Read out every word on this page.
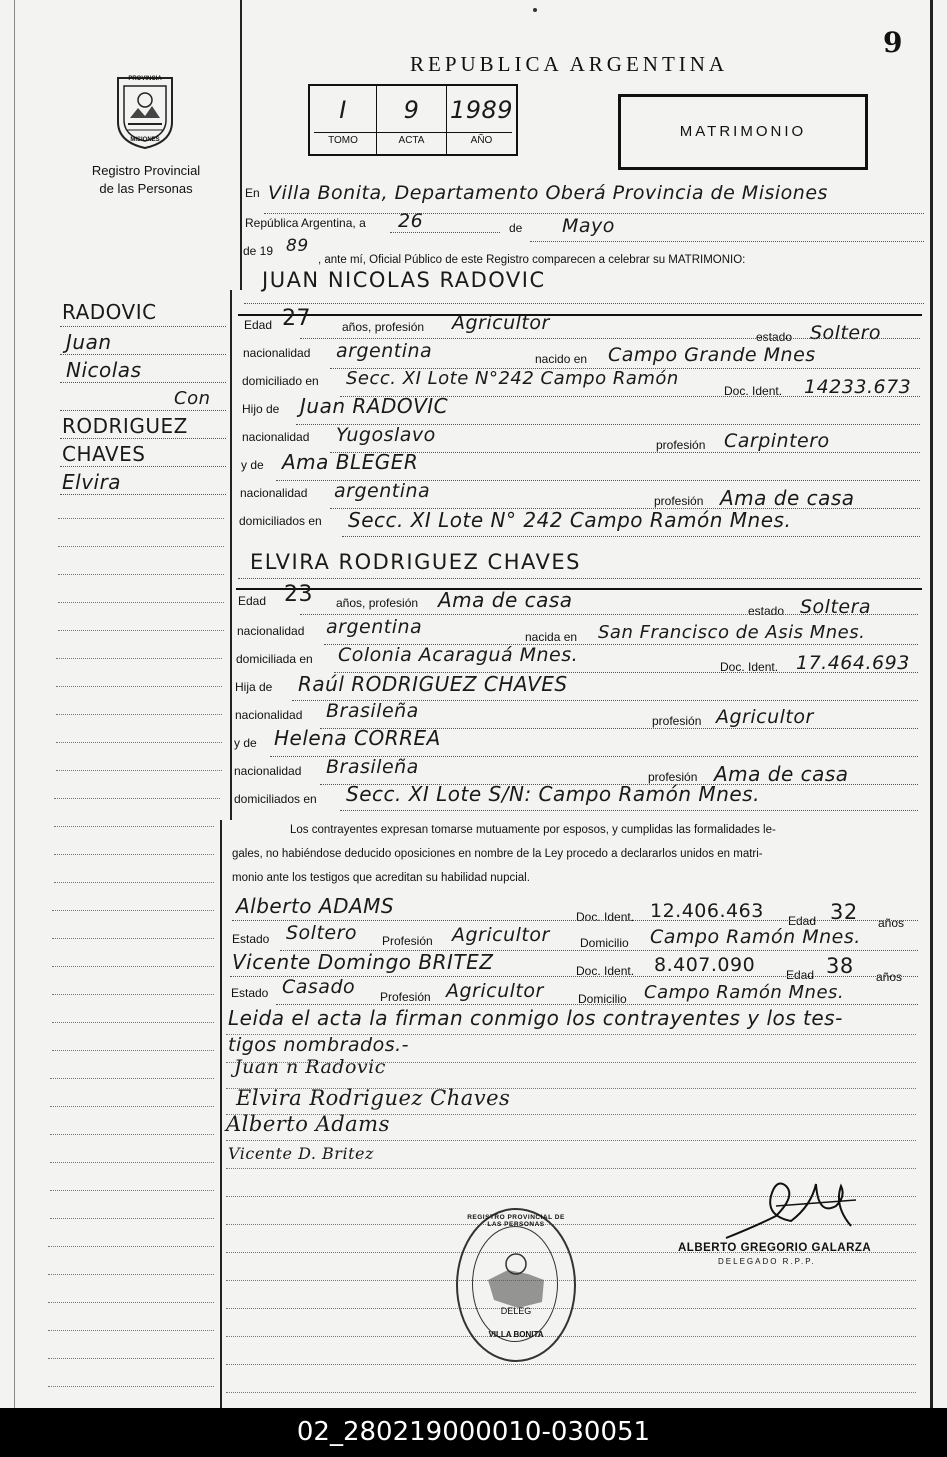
9
REPUBLICA ARGENTINA
PROVINCIA
MISIONES
Registro Provincial
de las Personas
I	9	1989
TOMO	ACTA	AÑO
MATRIMONIO
En Villa Bonita, Departamento Oberá Provincia de Misiones
República Argentina, a 26	de Mayo
de 19 89
, ante mí, Oficial Público de este Registro comparecen a celebrar su MATRIMONIO:
RADOVIC
Juan
Nicolas
Con
RODRIGUEZ
CHAVES
Elvira
JUAN NICOLAS RADOVIC
Edad 27	años, profesión Agricultor
estado Soltero
nacionalidad argentina	nacido en Campo Grande Mnes
domiciliado en Secc. XI Lote N°242 Campo Ramón
Doc. Ident. 14233.673
Hijo de Juan RADOVIC
nacionalidad Yugoslavo	profesión Carpintero
y de Ama BLEGER
nacionalidad argentina	profesión Ama de casa
domiciliados en Secc. XI Lote N° 242 Campo Ramón Mnes.
ELVIRA RODRIGUEZ CHAVES
Edad 23 años, profesión Ama de casa	estado Soltera
nacionalidad argentina	nacida en San Francisco de Asis Mnes.
domiciliada en Colonia Acaraguá Mnes.
Doc. Ident. 17.464.693
Hija de Raúl RODRIGUEZ CHAVES
nacionalidad Brasileña	profesión Agricultor
y de Helena CORREA
nacionalidad Brasileña	profesión Ama de casa
domiciliados en Secc. XI Lote S/N: Campo Ramón Mnes.
Los contrayentes expresan tomarse mutuamente por esposos, y cumplidas las formalidades le-
gales, no habiéndose deducido oposiciones en nombre de la Ley procedo a declararlos unidos en matri-
monio ante los testigos que acreditan su habilidad nupcial.
Alberto ADAMS	Doc. Ident. 12.406.463 Edad 32 años
Estado Soltero Profesión Agricultor	Domicilio Campo Ramón Mnes.
Vicente Domingo BRITEZ	Doc. Ident. 8.407.090	Edad 38 años
Estado Casado Profesión Agricultor	Domicilio Campo Ramón Mnes.
Leida el acta la firman conmigo los contrayentes y los tes-
tigos nombrados.-
Juan n Radovic
Elvira Rodriguez Chaves
Alberto Adams
Vicente D. Britez
ALBERTO GREGORIO GALARZA
DELEGADO R.P.P.
REGISTRO PROVINCIAL DE LAS PERSONAS
DELEG
VILLA BONITA
02_280219000010-030051
